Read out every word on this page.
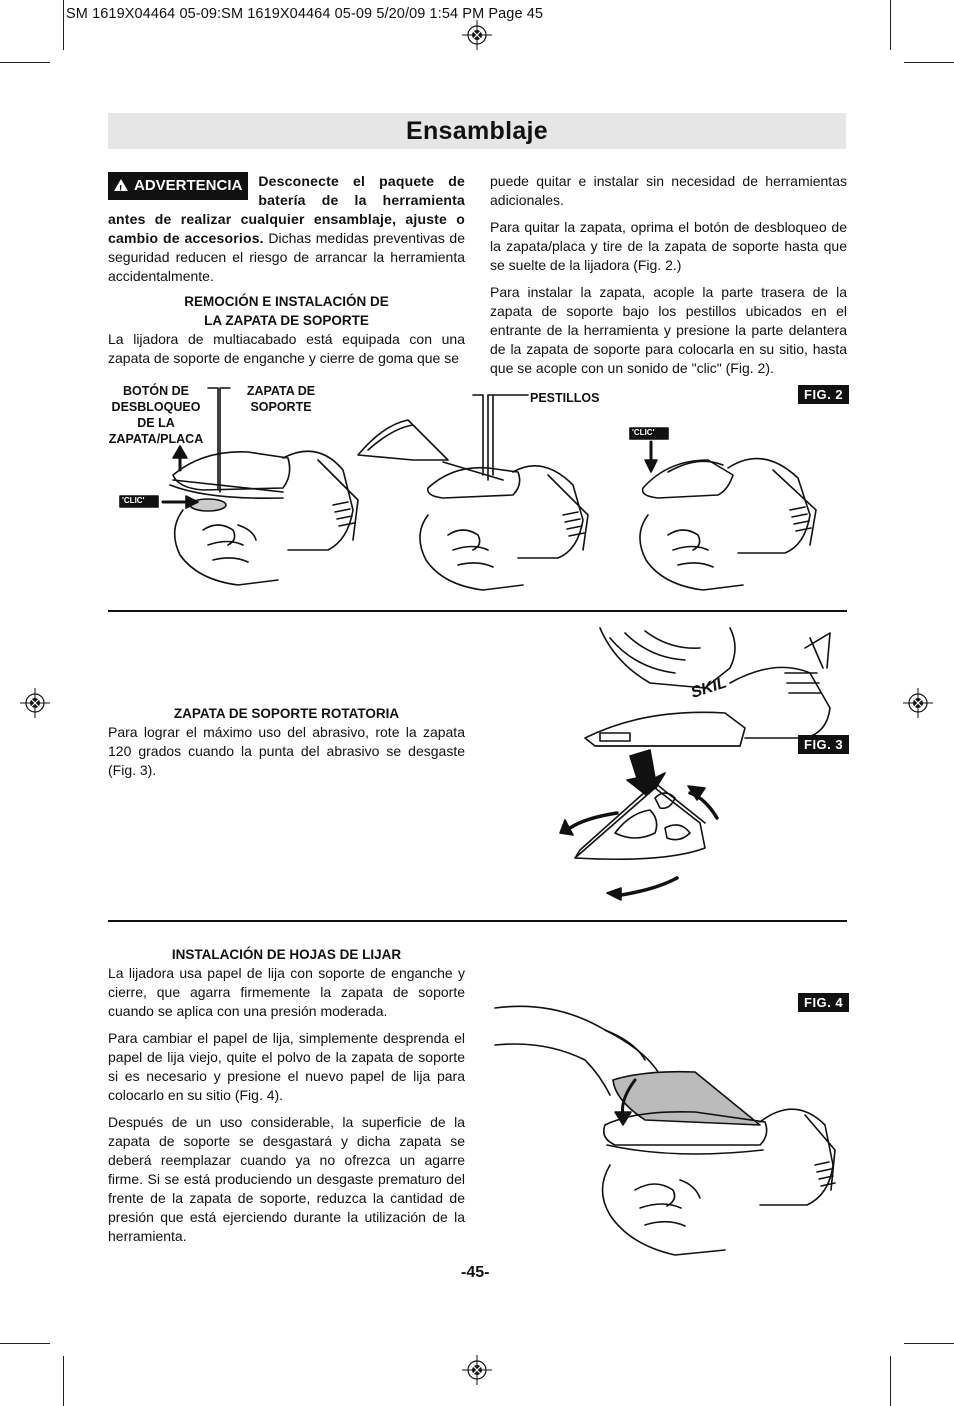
SM 1619X04464 05-09:SM 1619X04464 05-09 5/20/09 1:54 PM Page 45
Ensamblaje
! ADVERTENCIA	Desconecte el paquete de batería de la herramienta antes de realizar cualquier ensamblaje, ajuste o cambio de accesorios. Dichas medidas preventivas de seguridad reducen el riesgo de arrancar la herramienta accidentalmente.
REMOCIÓN E INSTALACIÓN DE
LA ZAPATA DE SOPORTE

La lijadora de multiacabado está equipada con una zapata de soporte de enganche y cierre de goma que se

puede quitar e instalar sin necesidad de herramientas adicionales.

Para quitar la zapata, oprima el botón de desbloqueo de la zapata/placa y tire de la zapata de soporte hasta que se suelte de la lijadora (Fig. 2.)

Para instalar la zapata, acople la parte trasera de la zapata de soporte bajo los pestillos ubicados en el entrante de la herramienta y presione la parte delantera de la zapata de soporte para colocarla en su sitio, hasta que se acople con un sonido de "clic" (Fig. 2).

BOTÓN DE
DESBLOQUEO
DE LA
ZAPATA/PLACA
ZAPATA DE
SOPORTE
PESTILLOS	FIG. 2
'CLIC'
'CLIC'
ZAPATA DE SOPORTE ROTATORIA

Para lograr el máximo uso del abrasivo, rote la zapata 120 grados cuando la punta del abrasivo se desgaste (Fig. 3).

FIG. 3
SKIL
INSTALACIÓN DE HOJAS DE LIJAR

La lijadora usa papel de lija con soporte de enganche y cierre, que agarra firmemente la zapata de soporte cuando se aplica con una presión moderada.

Para cambiar el papel de lija, simplemente desprenda el papel de lija viejo, quite el polvo de la zapata de soporte si es necesario y presione el nuevo papel de lija para colocarlo en su sitio (Fig. 4).

Después de un uso considerable, la superficie de la zapata de soporte se desgastará y dicha zapata se deberá reemplazar cuando ya no ofrezca un agarre firme. Si se está produciendo un desgaste prematuro del frente de la zapata de soporte, reduzca la cantidad de presión que está ejerciendo durante la utilización de la herramienta.

FIG. 4
-45-
